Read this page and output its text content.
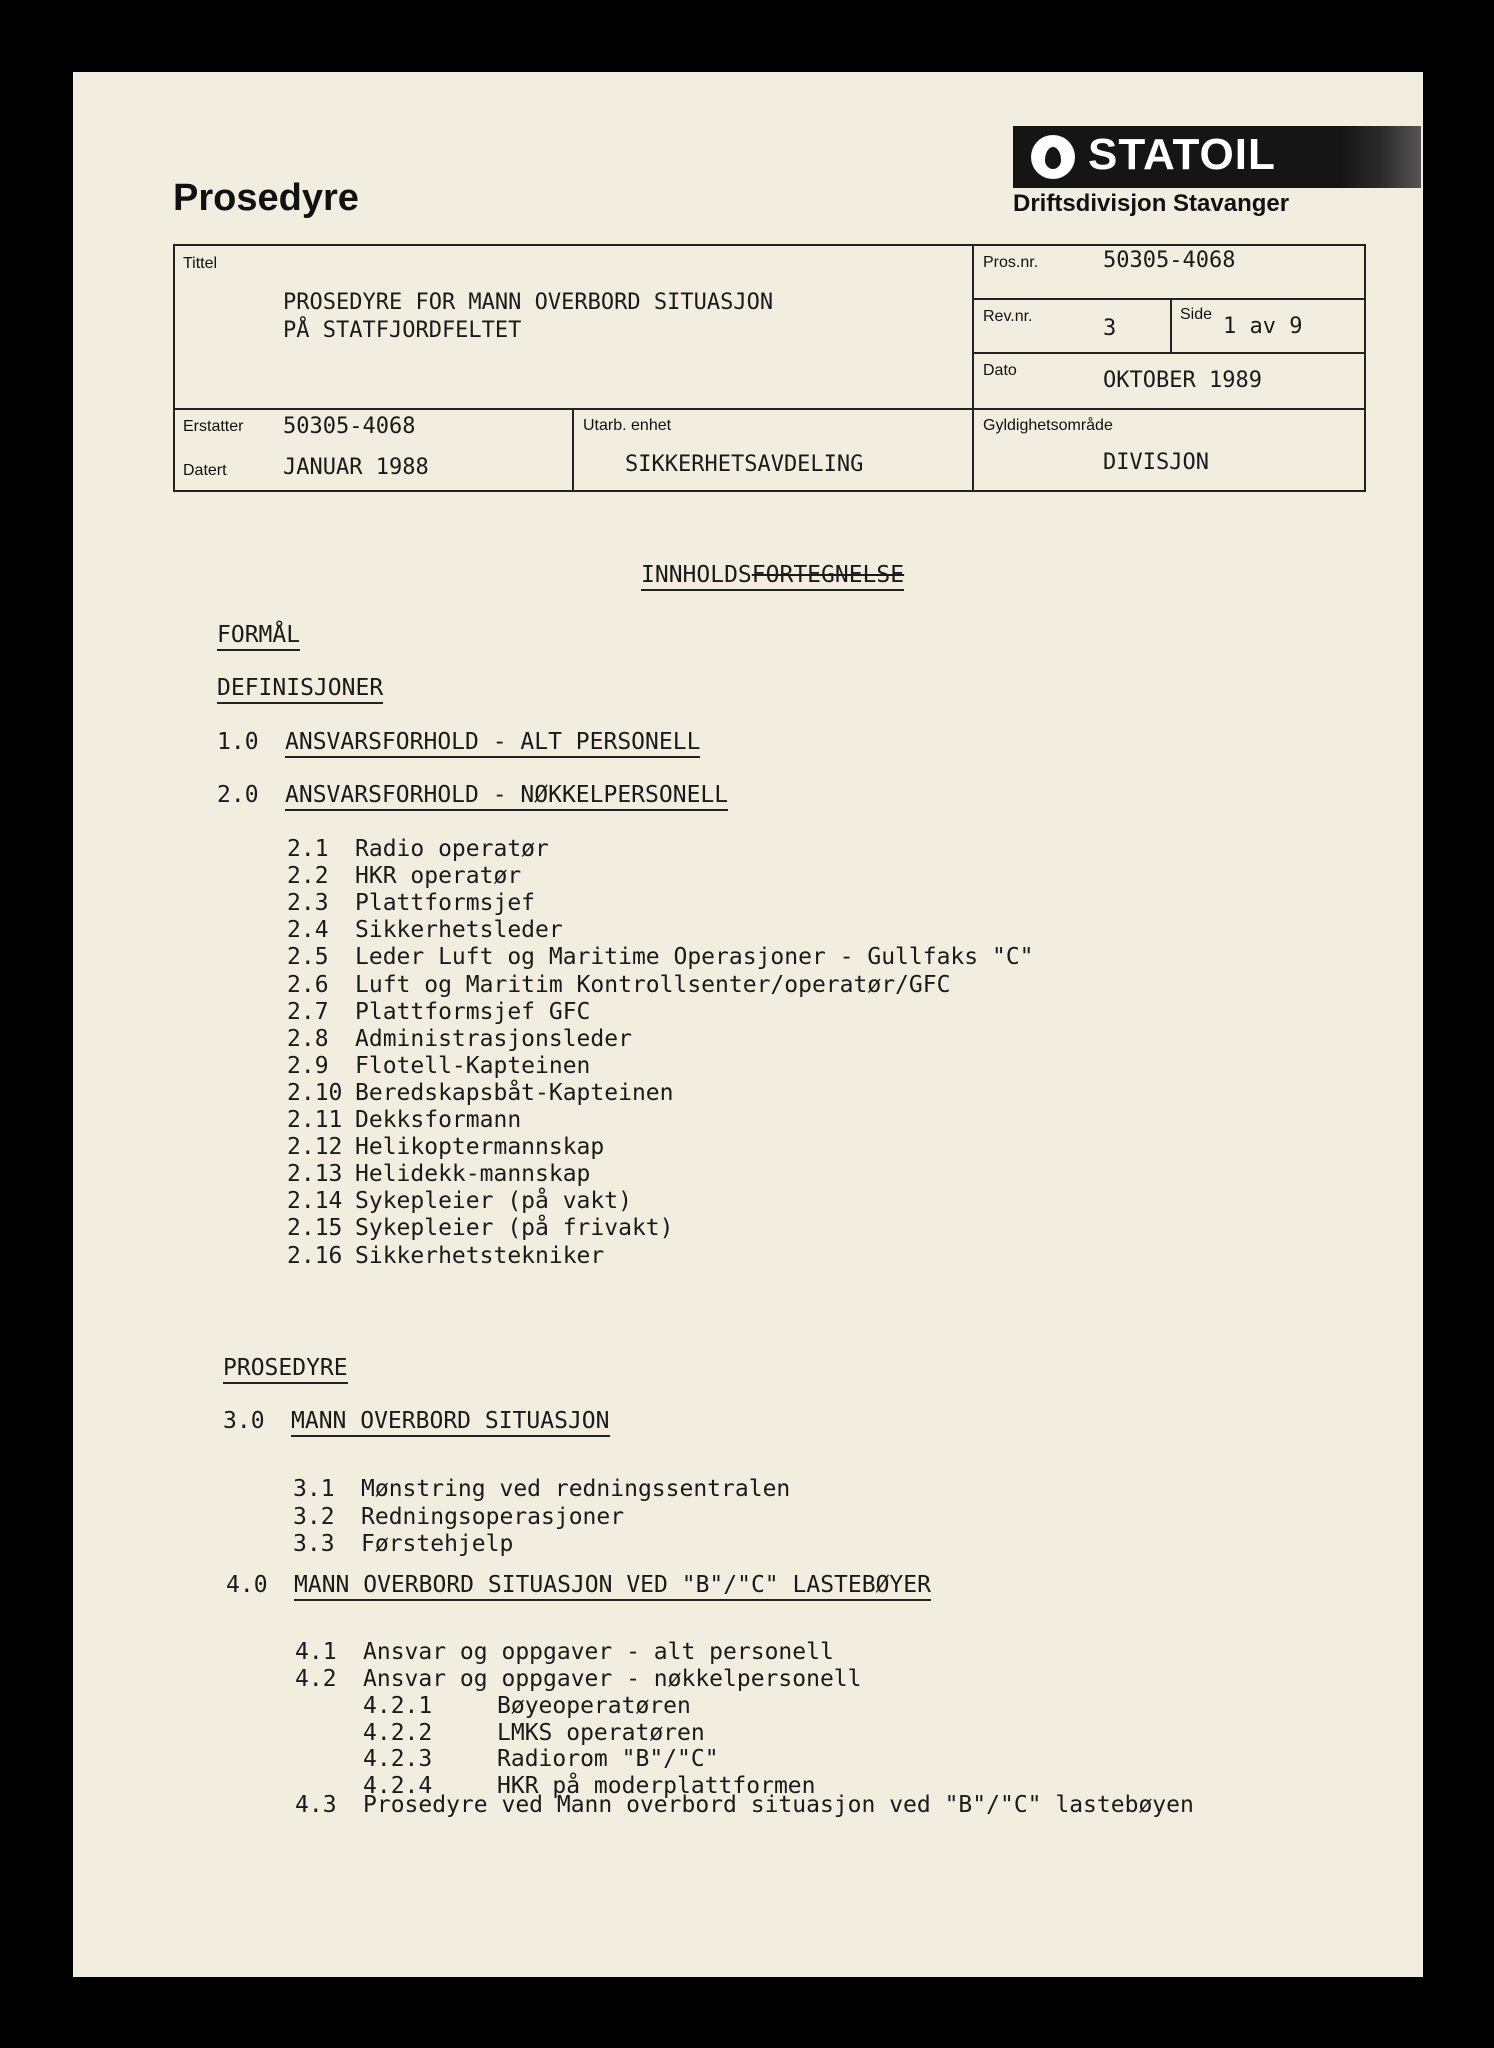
Prosedyre
STATOIL
Driftsdivisjon Stavanger
Tittel
PROSEDYRE FOR MANN OVERBORD SITUASJON
PÅ STATFJORDFELTET
Pros.nr.	50305-4068
Rev.nr.	3
Side 1 av 9
Dato	OKTOBER 1989
Erstatter 50305-4068
Datert	JANUAR 1988
Utarb. enhet
SIKKERHETSAVDELING
Gyldighetsområde
DIVISJON
INNHOLDSFORTEGNELSE
FORMÅL
DEFINISJONER
1.0 ANSVARSFORHOLD - ALT PERSONELL
2.0 ANSVARSFORHOLD - NØKKELPERSONELL
2.1 Radio operatør
2.2 HKR operatør
2.3 Plattformsjef
2.4 Sikkerhetsleder
2.5 Leder Luft og Maritime Operasjoner - Gullfaks "C"
2.6 Luft og Maritim Kontrollsenter/operatør/GFC
2.7 Plattformsjef GFC
2.8 Administrasjonsleder
2.9 Flotell-Kapteinen
2.10 Beredskapsbåt-Kapteinen
2.11 Dekksformann
2.12 Helikoptermannskap
2.13 Helidekk-mannskap
2.14 Sykepleier (på vakt)
2.15 Sykepleier (på frivakt)
2.16 Sikkerhetstekniker
PROSEDYRE
3.0 MANN OVERBORD SITUASJON
3.1 Mønstring ved redningssentralen
3.2 Redningsoperasjoner
3.3 Førstehjelp
4.0 MANN OVERBORD SITUASJON VED "B"/"C" LASTEBØYER
4.1 Ansvar og oppgaver - alt personell
4.2 Ansvar og oppgaver - nøkkelpersonell
4.2.1	Bøyeoperatøren
4.2.2	LMKS operatøren
4.2.3	Radiorom "B"/"C"
4.2.4	HKR på moderplattformen
4.3 Prosedyre ved Mann overbord situasjon ved "B"/"C" lastebøyen
